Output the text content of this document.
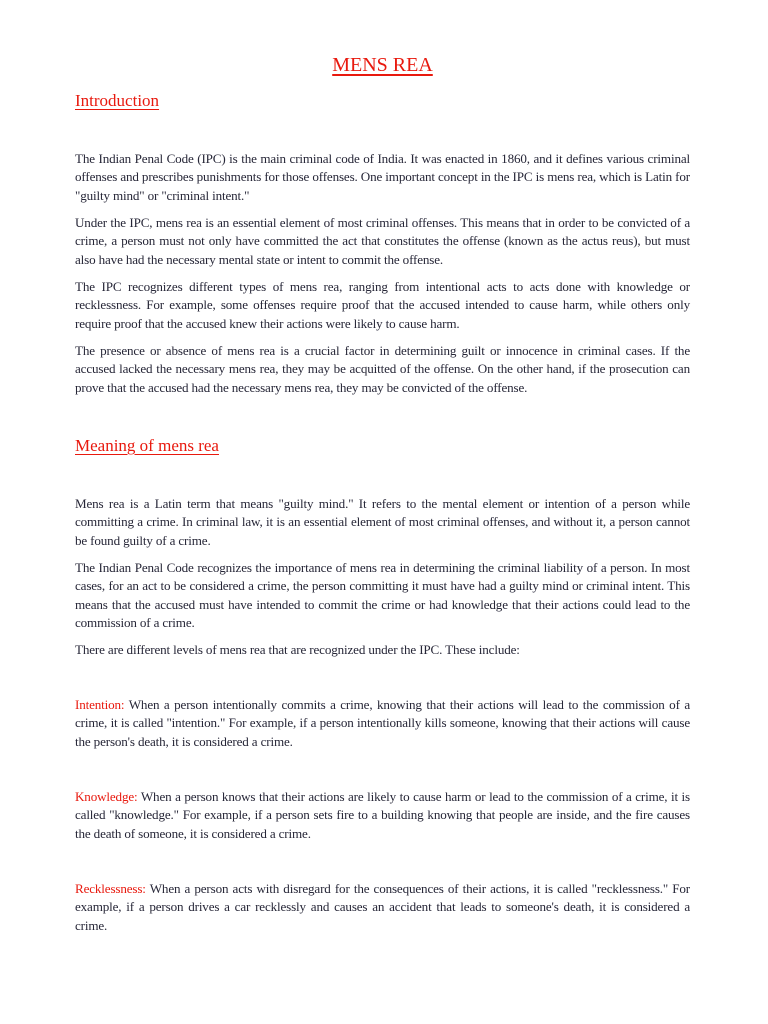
MENS REA
Introduction

The Indian Penal Code (IPC) is the main criminal code of India. It was enacted in 1860, and it defines various criminal offenses and prescribes punishments for those offenses. One important concept in the IPC is mens rea, which is Latin for "guilty mind" or "criminal intent."

Under the IPC, mens rea is an essential element of most criminal offenses. This means that in order to be convicted of a crime, a person must not only have committed the act that constitutes the offense (known as the actus reus), but must also have had the necessary mental state or intent to commit the offense.

The IPC recognizes different types of mens rea, ranging from intentional acts to acts done with knowledge or recklessness. For example, some offenses require proof that the accused intended to cause harm, while others only require proof that the accused knew their actions were likely to cause harm.

The presence or absence of mens rea is a crucial factor in determining guilt or innocence in criminal cases. If the accused lacked the necessary mens rea, they may be acquitted of the offense. On the other hand, if the prosecution can prove that the accused had the necessary mens rea, they may be convicted of the offense.

Meaning of mens rea

Mens rea is a Latin term that means "guilty mind." It refers to the mental element or intention of a person while committing a crime. In criminal law, it is an essential element of most criminal offenses, and without it, a person cannot be found guilty of a crime.

The Indian Penal Code recognizes the importance of mens rea in determining the criminal liability of a person. In most cases, for an act to be considered a crime, the person committing it must have had a guilty mind or criminal intent. This means that the accused must have intended to commit the crime or had knowledge that their actions could lead to the commission of a crime.

There are different levels of mens rea that are recognized under the IPC. These include:

Intention: When a person intentionally commits a crime, knowing that their actions will lead to the commission of a crime, it is called "intention." For example, if a person intentionally kills someone, knowing that their actions will cause the person's death, it is considered a crime.

Knowledge: When a person knows that their actions are likely to cause harm or lead to the commission of a crime, it is called "knowledge." For example, if a person sets fire to a building knowing that people are inside, and the fire causes the death of someone, it is considered a crime.

Recklessness: When a person acts with disregard for the consequences of their actions, it is called "recklessness." For example, if a person drives a car recklessly and causes an accident that leads to someone's death, it is considered a crime.
